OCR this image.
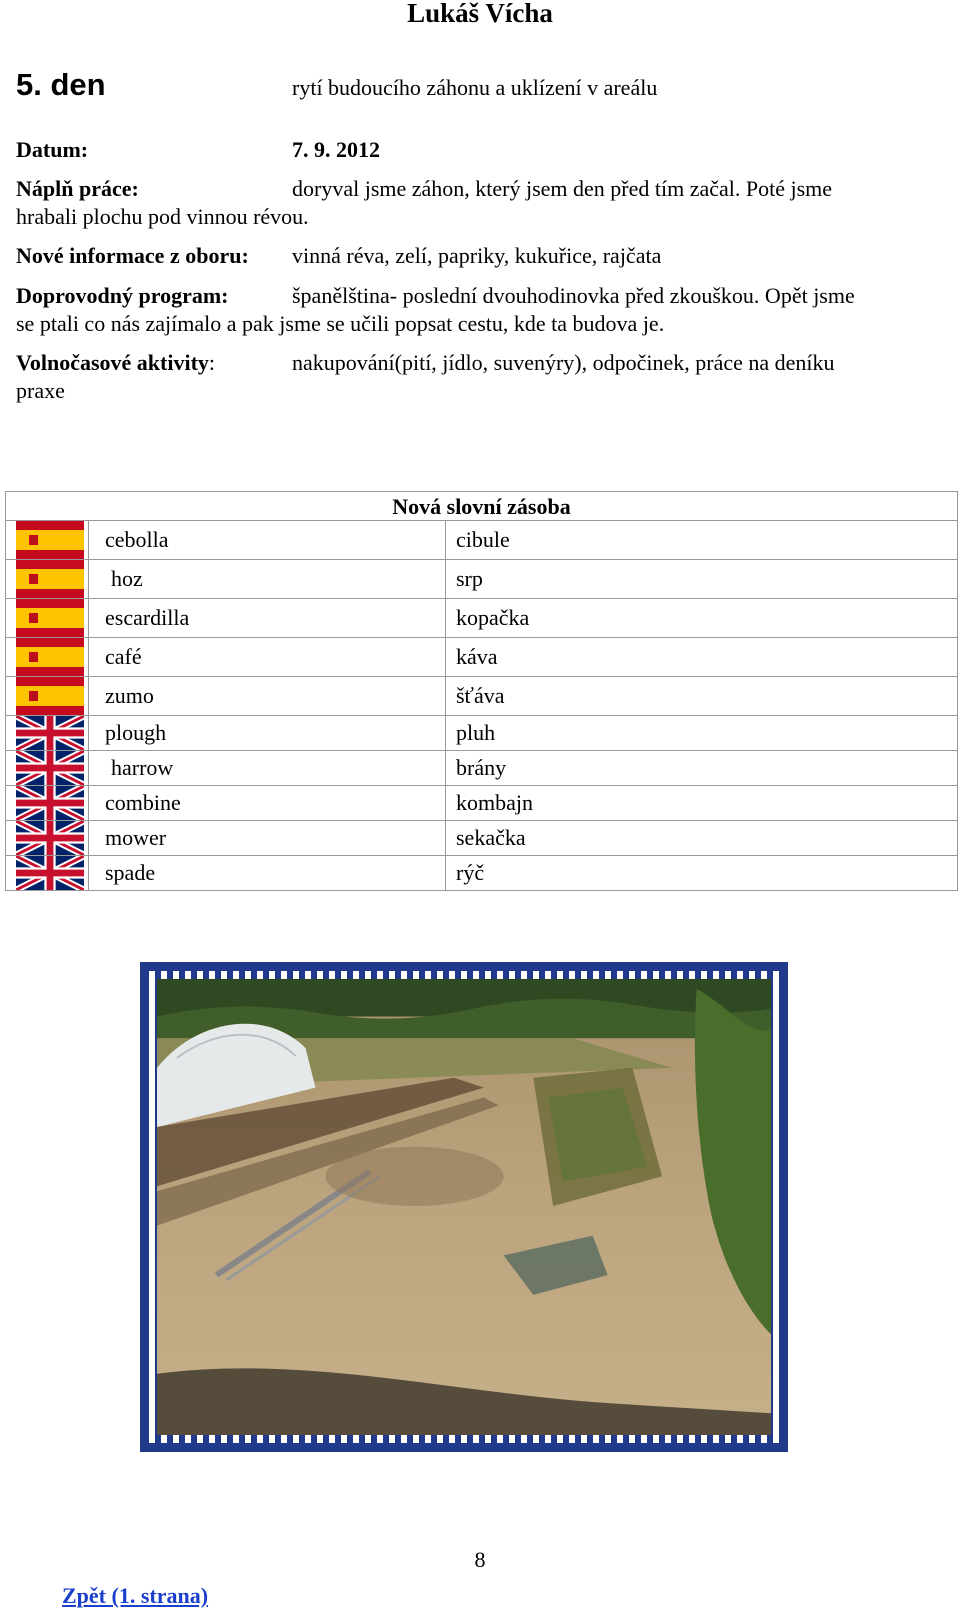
Lukáš Vícha
5. den	rytí budoucího záhonu a uklízení v areálu
Datum:	7. 9. 2012
Náplň práce:	doryval jsme záhon, který jsem den před tím začal. Poté jsme
hrabali plochu pod vinnou révou.
Nové informace z oboru: vinná réva, zelí, papriky, kukuřice, rajčata
Doprovodný program:	španělština- poslední dvouhodinovka před zkouškou. Opět jsme
se ptali co nás zajímalo a pak jsme se učili popsat cestu, kde ta budova je.
Volnočasové aktivity:	nakupování(pití, jídlo, suvenýry), odpočinek, práce na deníku
praxe
Nová slovní zásoba		

	cebolla	cibule

	hoz	srp

	escardilla	kopačka

	café	káva

	zumo	šťáva

	plough	pluh

	harrow	brány

	combine	kombajn

	mower	sekačka

	spade	rýč
8
Zpět (1. strana)
